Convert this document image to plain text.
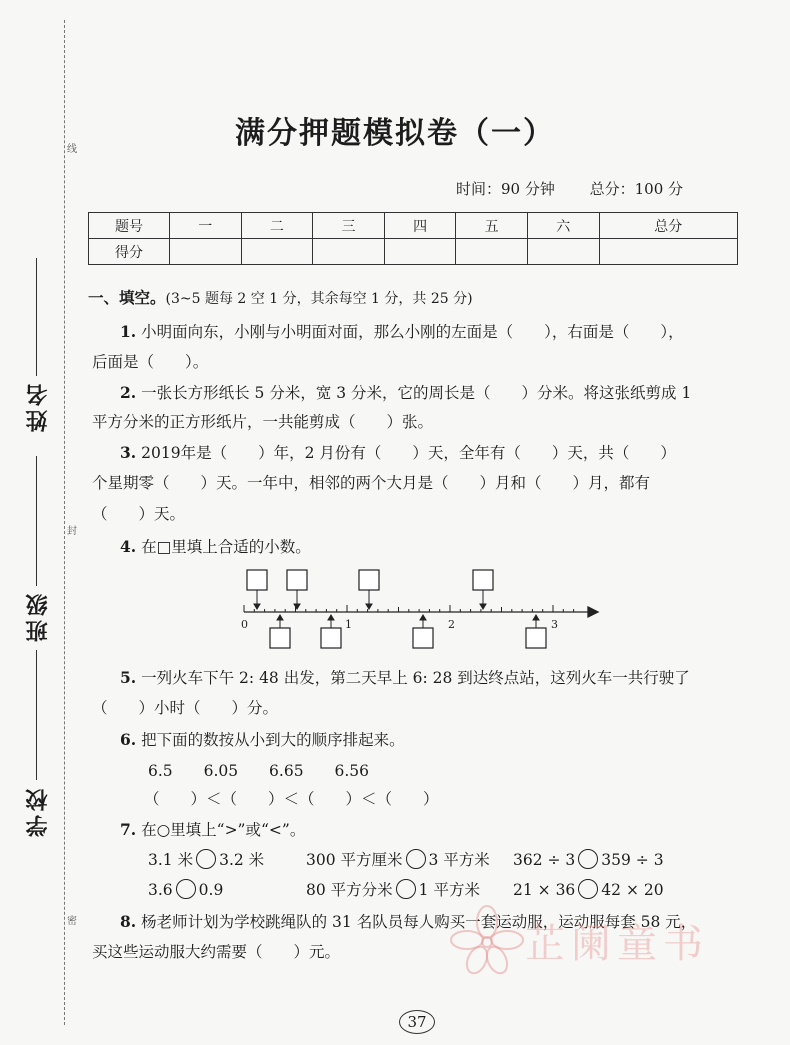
线
封
密
姓名
班级
学校
满分押题模拟卷（一）
时间：90 分钟 总分：100 分
题号	一	二	三	四	五	六	总分
得分							
一、填空。(3~5 题每 2 空 1 分，其余每空 1 分，共 25 分)
1. 小明面向东，小刚与小明面对面，那么小刚的左面是（　　），右面是（　　），
后面是（　　）。
2. 一张长方形纸长 5 分米，宽 3 分米，它的周长是（　　）分米。将这张纸剪成 1
平方分米的正方形纸片，一共能剪成（　　）张。
3. 2019年是（　　）年，2 月份有（　　）天，全年有（　　）天，共（　　）
个星期零（　　）天。一年中，相邻的两个大月是（　　）月和（　　）月，都有
（　　）天。
4. 在□里填上合适的小数。
0	1	2	3
5. 一列火车下午 2: 48 出发，第二天早上 6: 28 到达终点站，这列火车一共行驶了
（　　）小时（　　）分。
6. 把下面的数按从小到大的顺序排起来。
6.5 6.05 6.65 6.56
（　　）＜（　　）＜（　　）＜（　　）
7. 在○里填上“>”或“<”。
3.1 米 3.2 米	300 平方厘米 3 平方米 362 ÷ 3 359 ÷ 3
3.6 0.9	80 平方分米 1 平方米 21 × 36 42 × 20
8. 杨老师计划为学校跳绳队的 31 名队员每人购买一套运动服，运动服每套 58 元，
买这些运动服大约需要（　　）元。	芷阑童书
37
